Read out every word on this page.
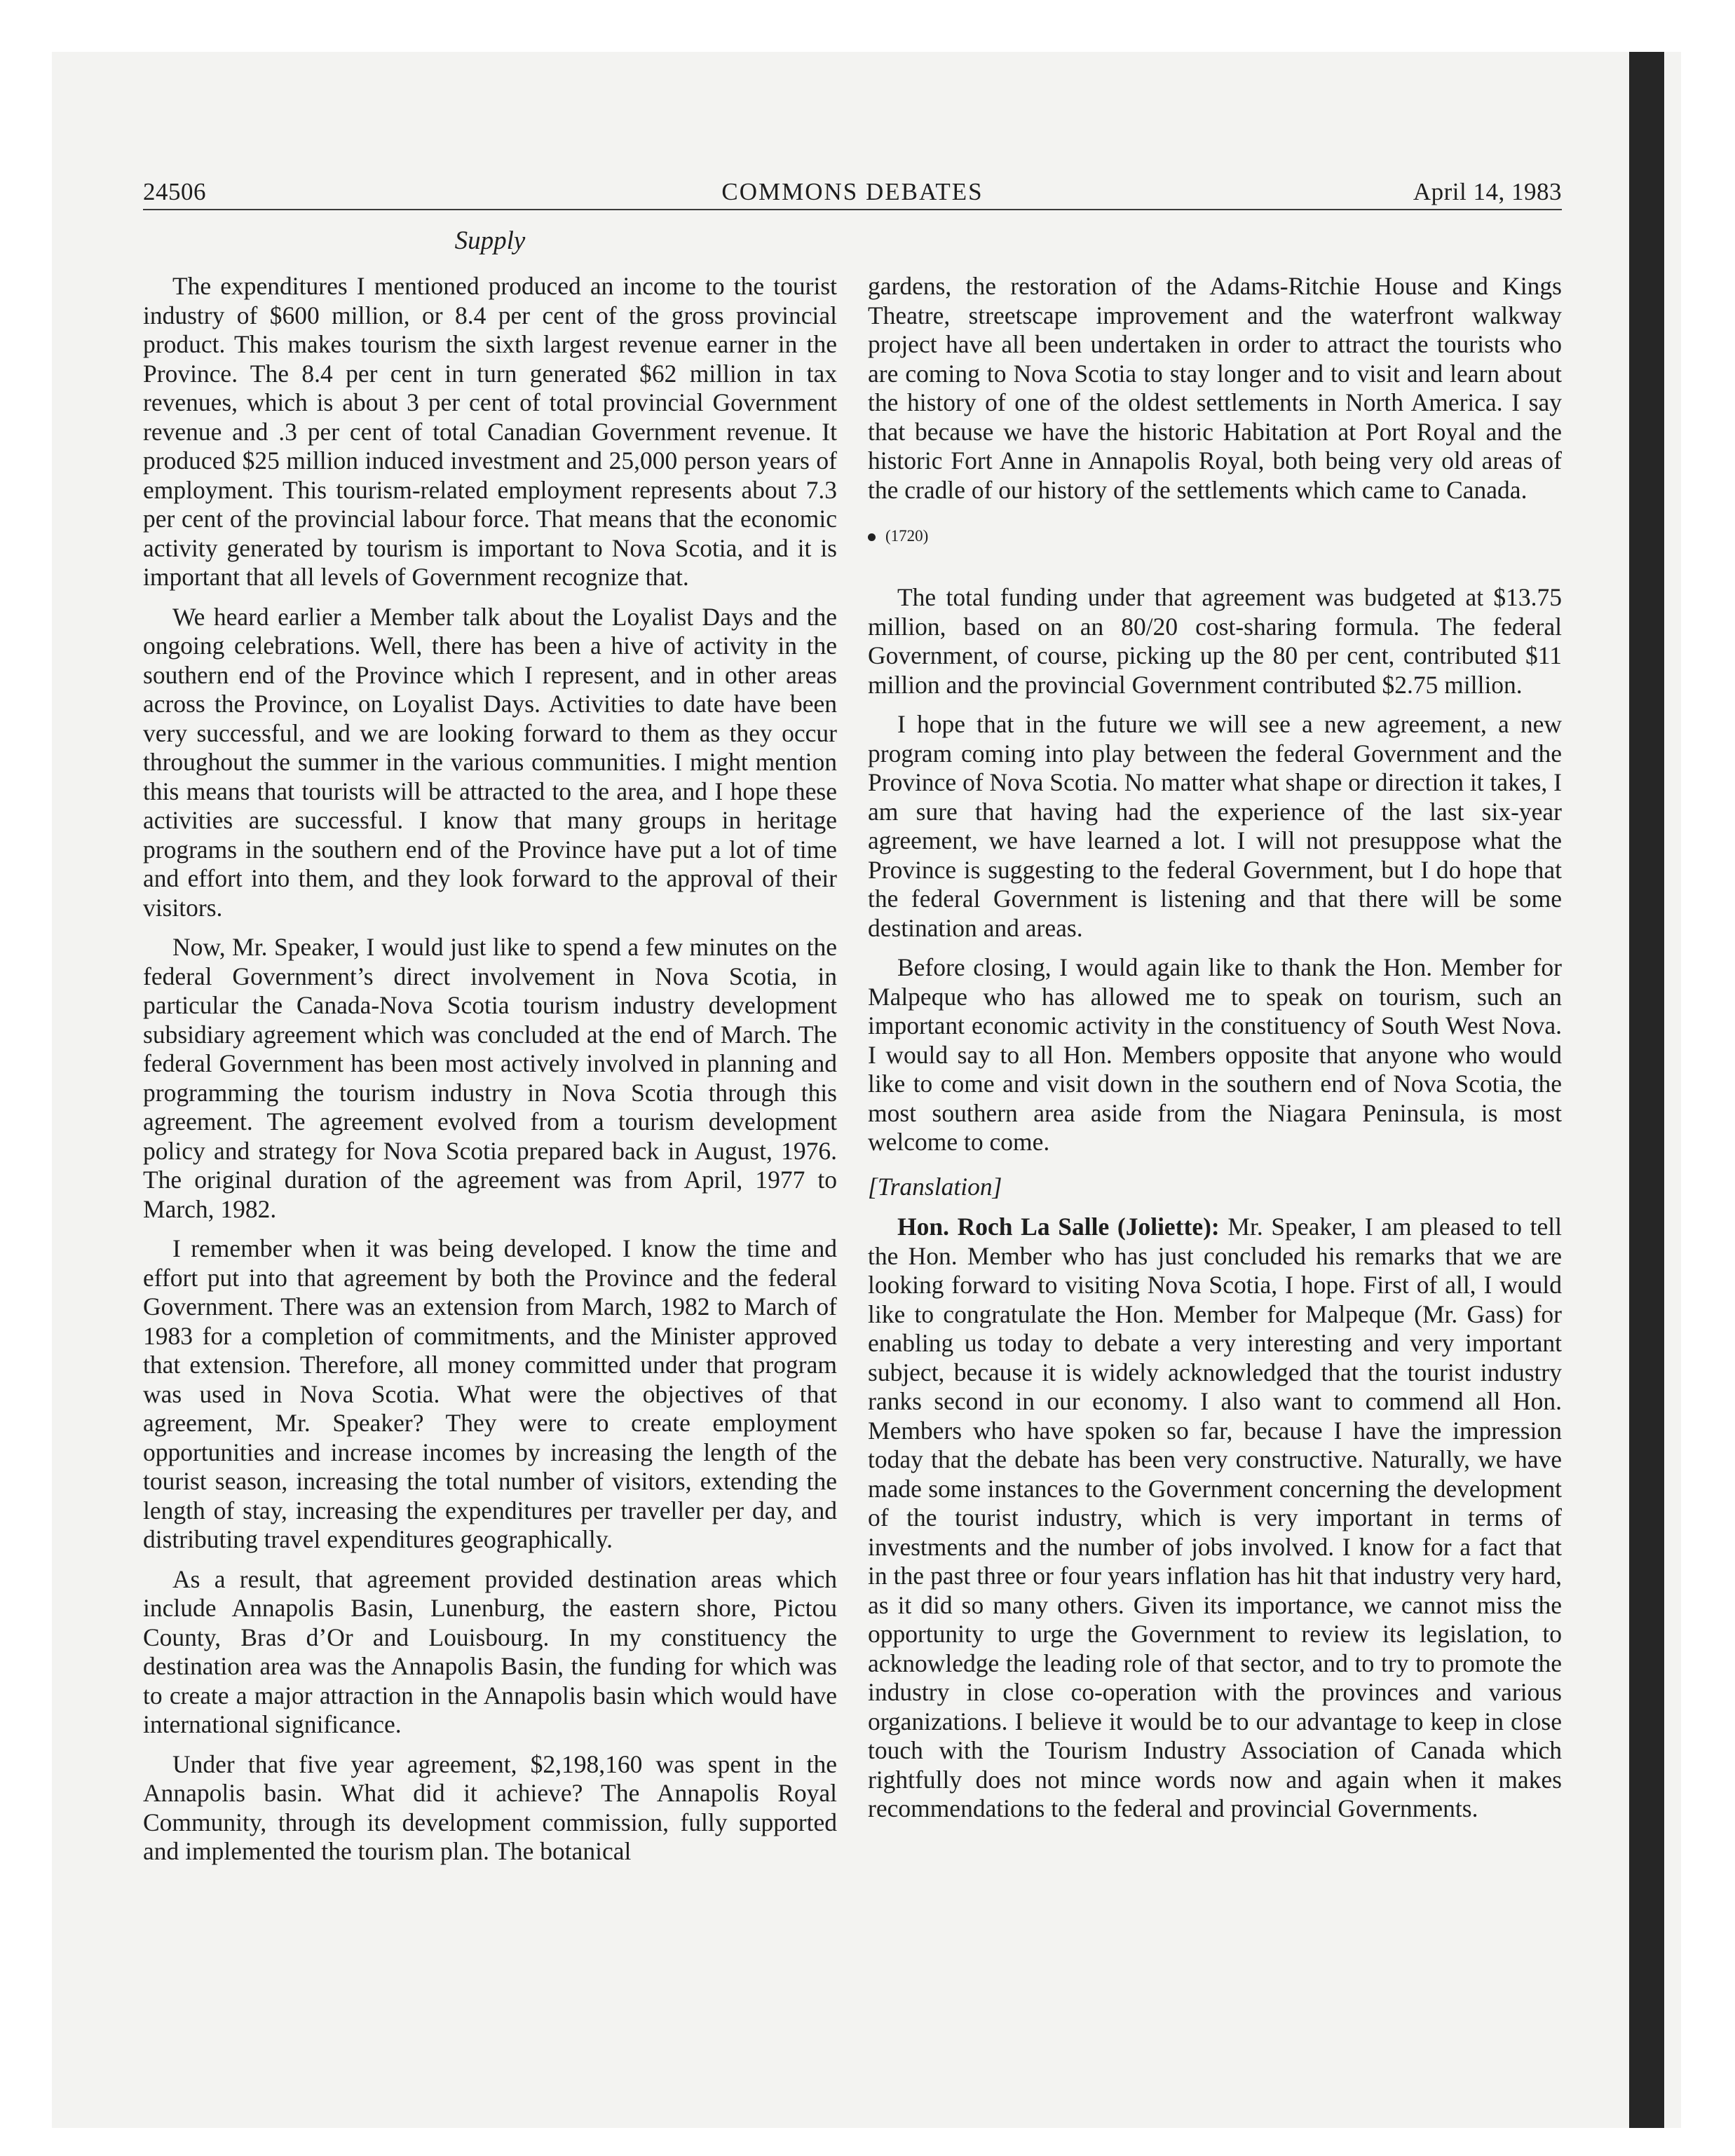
24506	COMMONS DEBATES	April 14, 1983
Supply

The expenditures I mentioned produced an income to the tourist industry of $600 million, or 8.4 per cent of the gross provincial product. This makes tourism the sixth largest revenue earner in the Province. The 8.4 per cent in turn generated $62 million in tax revenues, which is about 3 per cent of total provincial Government revenue and .3 per cent of total Canadian Government revenue. It produced $25 million induced investment and 25,000 person years of employment. This tourism-related employment represents about 7.3 per cent of the provincial labour force. That means that the economic activity generated by tourism is important to Nova Scotia, and it is important that all levels of Government recognize that.

We heard earlier a Member talk about the Loyalist Days and the ongoing celebrations. Well, there has been a hive of activity in the southern end of the Province which I represent, and in other areas across the Province, on Loyalist Days. Activities to date have been very successful, and we are looking forward to them as they occur throughout the summer in the various communities. I might mention this means that tourists will be attracted to the area, and I hope these activities are successful. I know that many groups in heritage programs in the southern end of the Province have put a lot of time and effort into them, and they look forward to the approval of their visitors.

Now, Mr. Speaker, I would just like to spend a few minutes on the federal Government’s direct involvement in Nova Scotia, in particular the Canada-Nova Scotia tourism industry development subsidiary agreement which was concluded at the end of March. The federal Government has been most actively involved in planning and programming the tourism industry in Nova Scotia through this agreement. The agreement evolved from a tourism development policy and strategy for Nova Scotia prepared back in August, 1976. The original duration of the agreement was from April, 1977 to March, 1982.

I remember when it was being developed. I know the time and effort put into that agreement by both the Province and the federal Government. There was an extension from March, 1982 to March of 1983 for a completion of commitments, and the Minister approved that extension. Therefore, all money committed under that program was used in Nova Scotia. What were the objectives of that agreement, Mr. Speaker? They were to create employment opportunities and increase incomes by increasing the length of the tourist season, increasing the total number of visitors, extending the length of stay, increasing the expenditures per traveller per day, and distributing travel expenditures geographically.

As a result, that agreement provided destination areas which include Annapolis Basin, Lunenburg, the eastern shore, Pictou County, Bras d’Or and Louisbourg. In my constituency the destination area was the Annapolis Basin, the funding for which was to create a major attraction in the Annapolis basin which would have international significance.

Under that five year agreement, $2,198,160 was spent in the Annapolis basin. What did it achieve? The Annapolis Royal Community, through its development commission, fully supported and implemented the tourism plan. The botanical

gardens, the restoration of the Adams-Ritchie House and Kings Theatre, streetscape improvement and the waterfront walkway project have all been undertaken in order to attract the tourists who are coming to Nova Scotia to stay longer and to visit and learn about the history of one of the oldest settlements in North America. I say that because we have the historic Habitation at Port Royal and the historic Fort Anne in Annapolis Royal, both being very old areas of the cradle of our history of the settlements which came to Canada.

(1720)

The total funding under that agreement was budgeted at $13.75 million, based on an 80/20 cost-sharing formula. The federal Government, of course, picking up the 80 per cent, contributed $11 million and the provincial Government contributed $2.75 million.

I hope that in the future we will see a new agreement, a new program coming into play between the federal Government and the Province of Nova Scotia. No matter what shape or direction it takes, I am sure that having had the experience of the last six-year agreement, we have learned a lot. I will not presuppose what the Province is suggesting to the federal Government, but I do hope that the federal Government is listening and that there will be some destination and areas.

Before closing, I would again like to thank the Hon. Member for Malpeque who has allowed me to speak on tourism, such an important economic activity in the constituency of South West Nova. I would say to all Hon. Members opposite that anyone who would like to come and visit down in the southern end of Nova Scotia, the most southern area aside from the Niagara Peninsula, is most welcome to come.

[Translation]

Hon. Roch La Salle (Joliette): Mr. Speaker, I am pleased to tell the Hon. Member who has just concluded his remarks that we are looking forward to visiting Nova Scotia, I hope. First of all, I would like to congratulate the Hon. Member for Malpeque (Mr. Gass) for enabling us today to debate a very interesting and very important subject, because it is widely acknowledged that the tourist industry ranks second in our economy. I also want to commend all Hon. Members who have spoken so far, because I have the impression today that the debate has been very constructive. Naturally, we have made some instances to the Government concerning the development of the tourist industry, which is very important in terms of investments and the number of jobs involved. I know for a fact that in the past three or four years inflation has hit that industry very hard, as it did so many others. Given its importance, we cannot miss the opportunity to urge the Government to review its legislation, to acknowledge the leading role of that sector, and to try to promote the industry in close co-operation with the provinces and various organizations. I believe it would be to our advantage to keep in close touch with the Tourism Industry Association of Canada which rightfully does not mince words now and again when it makes recommendations to the federal and provincial Governments.
